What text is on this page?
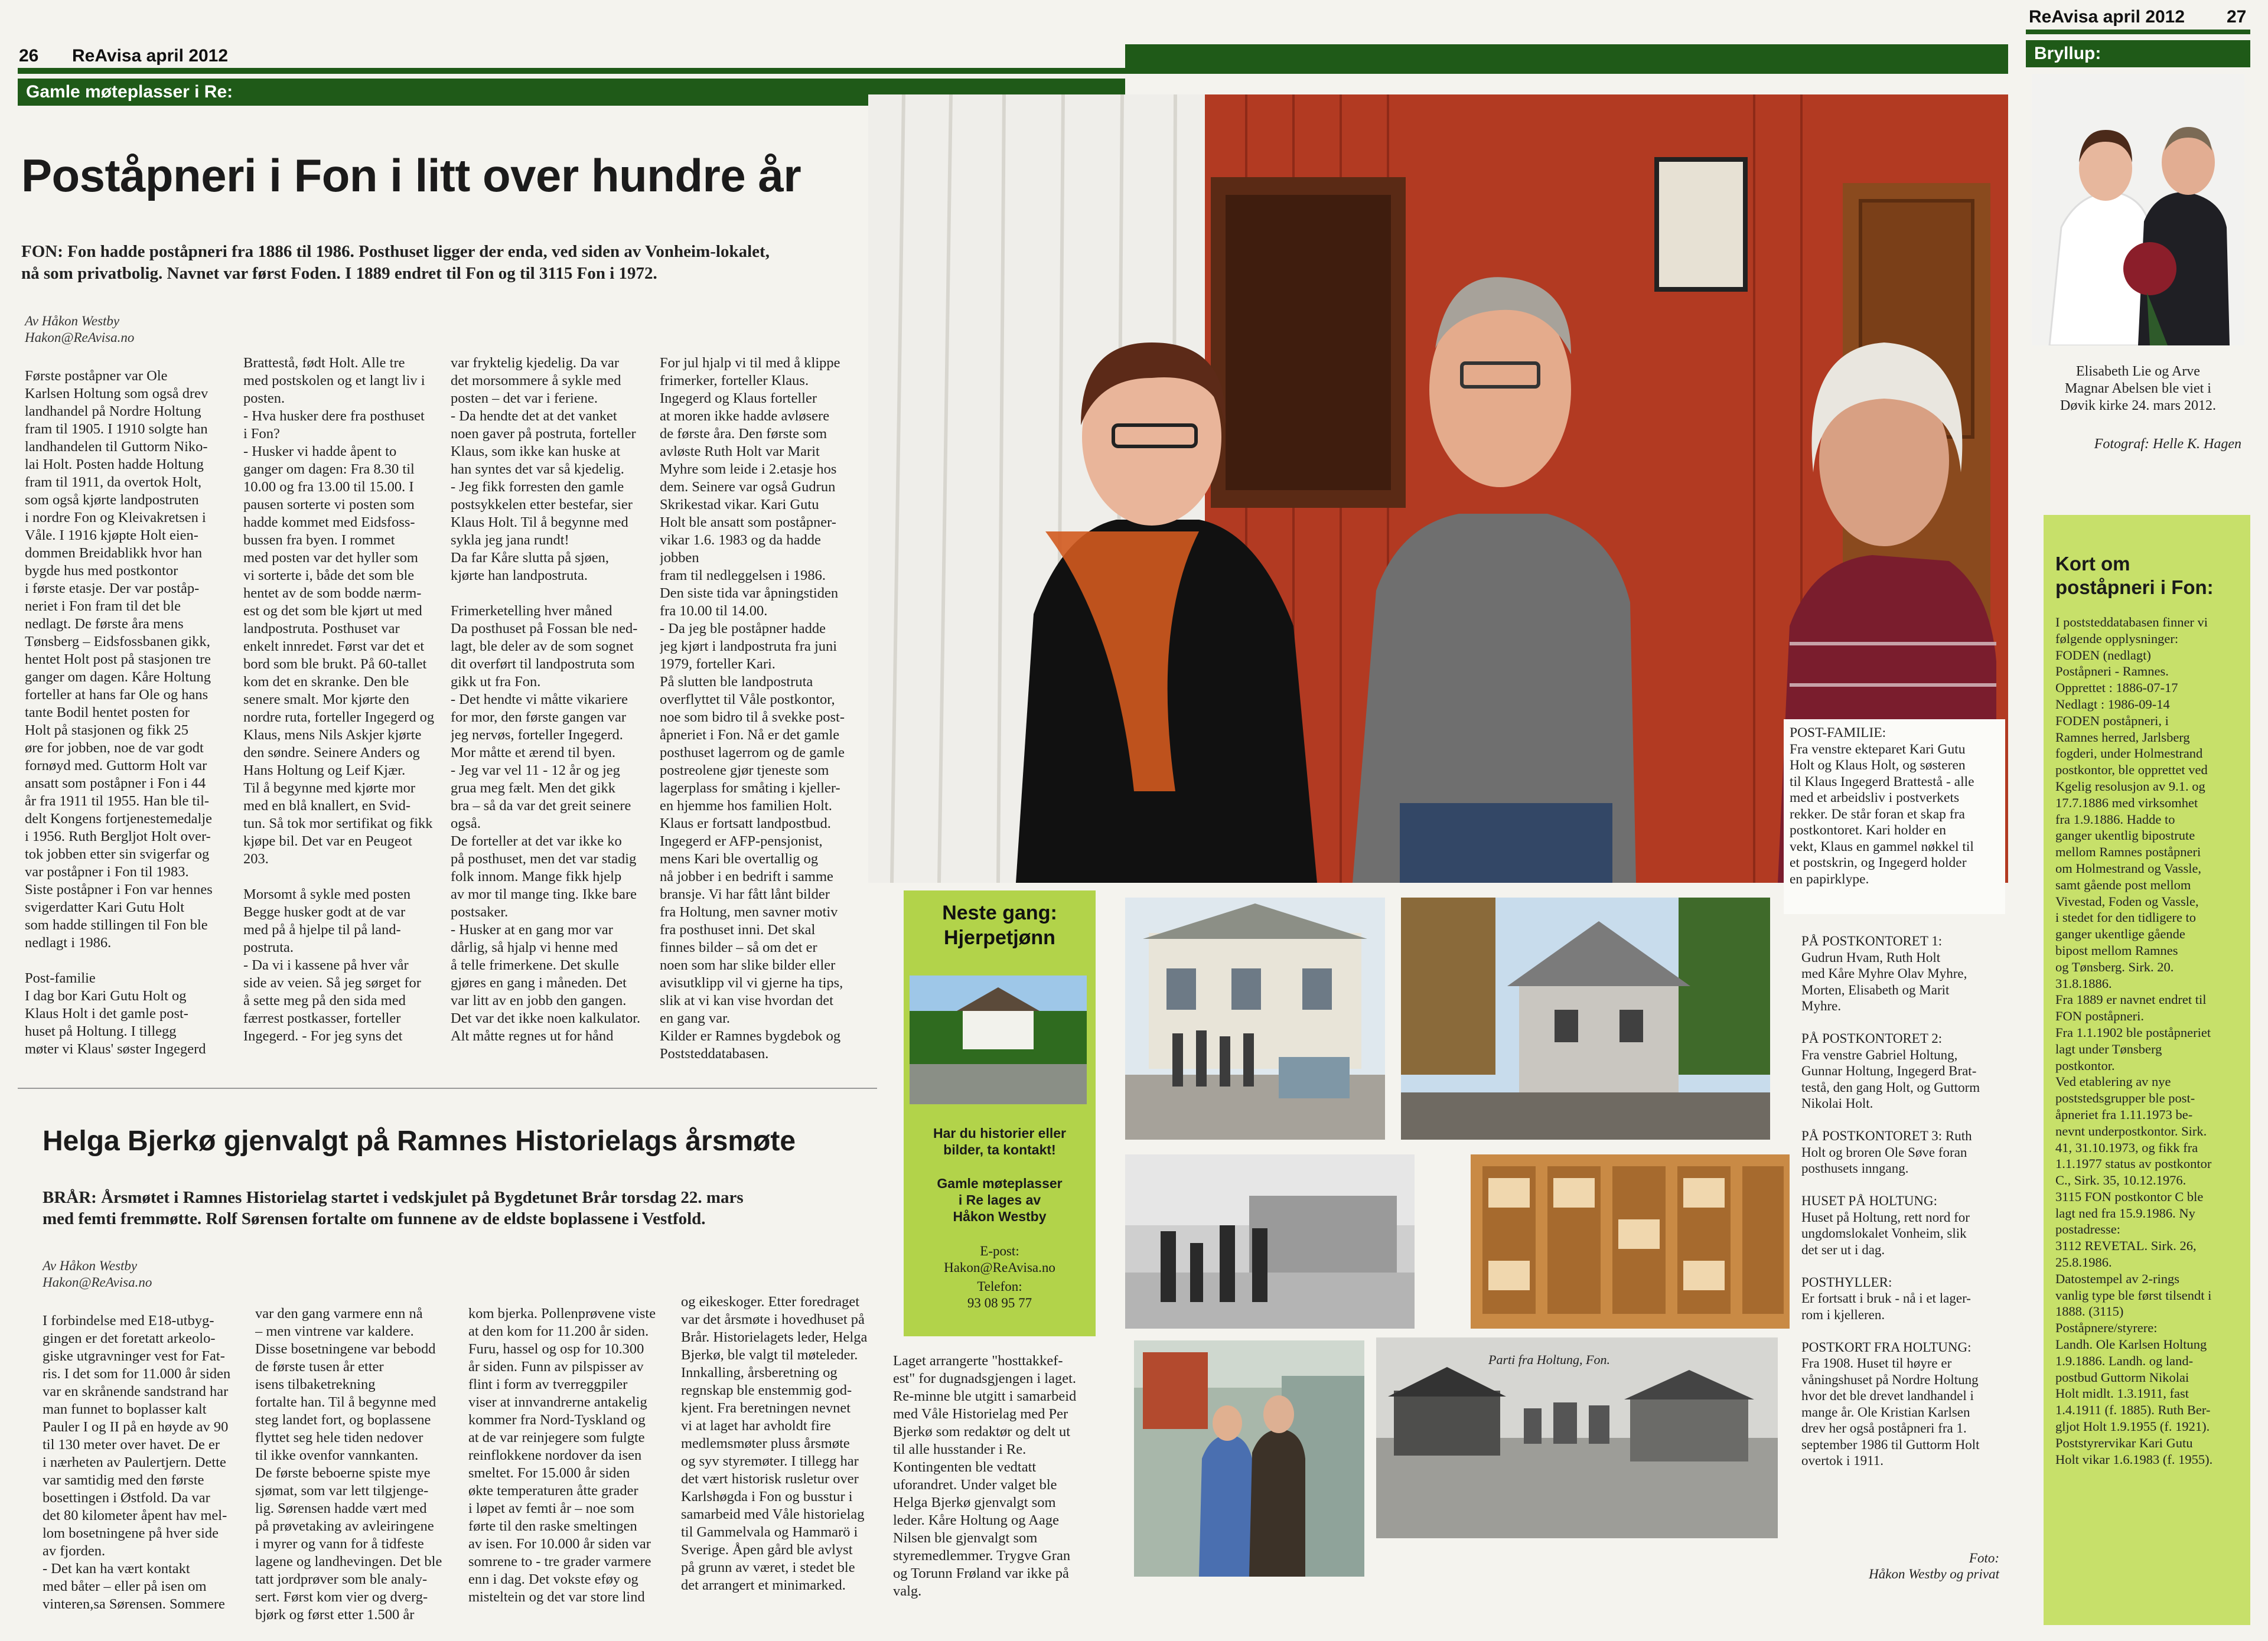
26 ReAvisa april 2012
Gamle møteplasser i Re:
Poståpneri i Fon i litt over hundre år
FON: Fon hadde poståpneri fra 1886 til 1986. Posthuset ligger der enda, ved siden av Vonheim-lokalet,
nå som privatbolig. Navnet var først Foden. I 1889 endret til Fon og til 3115 Fon i 1972.
Av Håkon Westby
Hakon@ReAvisa.no
Første poståpner var Ole
Karlsen Holtung som også drev
landhandel på Nordre Holtung
fram til 1905. I 1910 solgte han
landhandelen til Guttorm Niko-
lai Holt. Posten hadde Holtung
fram til 1911, da overtok Holt,
som også kjørte landpostruten
i nordre Fon og Kleivakretsen i
Våle. I 1916 kjøpte Holt eien-
dommen Breidablikk hvor han
bygde hus med postkontor
i første etasje. Der var poståp-
neriet i Fon fram til det ble
nedlagt. De første åra mens
Tønsberg – Eidsfossbanen gikk,
hentet Holt post på stasjonen tre
ganger om dagen. Kåre Holtung
forteller at hans far Ole og hans
tante Bodil hentet posten for
Holt på stasjonen og fikk 25
øre for jobben, noe de var godt
fornøyd med. Guttorm Holt var
ansatt som poståpner i Fon i 44
år fra 1911 til 1955. Han ble til-
delt Kongens fortjenestemedalje
i 1956. Ruth Bergljot Holt over-
tok jobben etter sin svigerfar og
var poståpner i Fon til 1983.
Siste poståpner i Fon var hennes
svigerdatter Kari Gutu Holt
som hadde stillingen til Fon ble
nedlagt i 1986.

Post-familie
I dag bor Kari Gutu Holt og
Klaus Holt i det gamle post-
huset på Holtung. I tillegg
møter vi Klaus' søster Ingegerd
Brattestå, født Holt. Alle tre
med postskolen og et langt liv i
posten.
- Hva husker dere fra posthuset
i Fon?
- Husker vi hadde åpent to
ganger om dagen: Fra 8.30 til
10.00 og fra 13.00 til 15.00. I
pausen sorterte vi posten som
hadde kommet med Eidsfoss-
bussen fra byen. I rommet
med posten var det hyller som
vi sorterte i, både det som ble
hentet av de som bodde nærm-
est og det som ble kjørt ut med
landpostruta. Posthuset var
enkelt innredet. Først var det et
bord som ble brukt. På 60-tallet
kom det en skranke. Den ble
senere smalt. Mor kjørte den
nordre ruta, forteller Ingegerd og
Klaus, mens Nils Askjer kjørte
den søndre. Seinere Anders og
Hans Holtung og Leif Kjær.
Til å begynne med kjørte mor
med en blå knallert, en Svid-
tun. Så tok mor sertifikat og fikk
kjøpe bil. Det var en Peugeot
203.

Morsomt å sykle med posten
Begge husker godt at de var
med på å hjelpe til på land-
postruta.
- Da vi i kassene på hver vår
side av veien. Så jeg sørget for
å sette meg på den sida med
færrest postkasser, forteller
Ingegerd. - For jeg syns det
var fryktelig kjedelig. Da var
det morsommere å sykle med
posten – det var i feriene.
- Da hendte det at det vanket
noen gaver på postruta, forteller
Klaus, som ikke kan huske at
han syntes det var så kjedelig.
- Jeg fikk forresten den gamle
postsykkelen etter bestefar, sier
Klaus Holt. Til å begynne med
sykla jeg jana rundt!
Da far Kåre slutta på sjøen,
kjørte han landpostruta.

Frimerketelling hver måned
Da posthuset på Fossan ble ned-
lagt, ble deler av de som sognet
dit overført til landpostruta som
gikk ut fra Fon.
- Det hendte vi måtte vikariere
for mor, den første gangen var
jeg nervøs, forteller Ingegerd.
Mor måtte et ærend til byen.
- Jeg var vel 11 - 12 år og jeg
grua meg fælt. Men det gikk
bra – så da var det greit seinere
også.
De forteller at det var ikke ko
på posthuset, men det var stadig
folk innom. Mange fikk hjelp
av mor til mange ting. Ikke bare
postsaker.
- Husker at en gang mor var
dårlig, så hjalp vi henne med
å telle frimerkene. Det skulle
gjøres en gang i måneden. Det
var litt av en jobb den gangen.
Det var det ikke noen kalkulator.
Alt måtte regnes ut for hånd
For jul hjalp vi til med å klippe
frimerker, forteller Klaus.
Ingegerd og Klaus forteller
at moren ikke hadde avløsere
de første åra. Den første som
avløste Ruth Holt var Marit
Myhre som leide i 2.etasje hos
dem. Seinere var også Gudrun
Skrikestad vikar. Kari Gutu
Holt ble ansatt som poståpner-
vikar 1.6. 1983 og da hadde jobben
fram til nedleggelsen i 1986.
Den siste tida var åpningstiden
fra 10.00 til 14.00.
- Da jeg ble poståpner hadde
jeg kjørt i landpostruta fra juni
1979, forteller Kari.
På slutten ble landpostruta
overflyttet til Våle postkontor,
noe som bidro til å svekke post-
åpneriet i Fon. Nå er det gamle
posthuset lagerrom og de gamle
postreolene gjør tjeneste som
lagerplass for småting i kjeller-
en hjemme hos familien Holt.
Klaus er fortsatt landpostbud.
Ingegerd er AFP-pensjonist,
mens Kari ble overtallig og
nå jobber i en bedrift i samme
bransje. Vi har fått lånt bilder
fra Holtung, men savner motiv
fra posthuset inni. Det skal
finnes bilder – så om det er
noen som har slike bilder eller
avisutklipp vil vi gjerne ha tips,
slik at vi kan vise hvordan det
en gang var.
Kilder er Ramnes bygdebok og
Poststeddatabasen.
Helga Bjerkø gjenvalgt på Ramnes Historielags årsmøte
BRÅR: Årsmøtet i Ramnes Historielag startet i vedskjulet på Bygdetunet Brår torsdag 22. mars
med femti fremmøtte. Rolf Sørensen fortalte om funnene av de eldste boplassene i Vestfold.
Av Håkon Westby
Hakon@ReAvisa.no
I forbindelse med E18-utbyg-
gingen er det foretatt arkeolo-
giske utgravninger vest for Fat-
ris. I det som for 11.000 år siden
var en skrånende sandstrand har
man funnet to boplasser kalt
Pauler I og II på en høyde av 90
til 130 meter over havet. De er
i nærheten av Paulertjern. Dette
var samtidig med den første
bosettingen i Østfold. Da var
det 80 kilometer åpent hav mel-
lom bosetningene på hver side
av fjorden.
- Det kan ha vært kontakt
med båter – eller på isen om
vinteren,sa Sørensen. Sommere
var den gang varmere enn nå
– men vintrene var kaldere.
Disse bosetningene var bebodd
de første tusen år etter
isens tilbaketrekning
fortalte han. Til å begynne med
steg landet fort, og boplassene
flyttet seg hele tiden nedover
til ikke ovenfor vannkanten.
De første beboerne spiste mye
sjømat, som var lett tilgjenge-
lig. Sørensen hadde vært med
på prøvetaking av avleiringene
i myrer og vann for å tidfeste
lagene og landhevingen. Det ble
tatt jordprøver som ble analy-
sert. Først kom vier og dverg-
bjørk og først etter 1.500 år
kom bjerka. Pollenprøvene viste
at den kom for 11.200 år siden.
Furu, hassel og osp for 10.300
år siden. Funn av pilspisser av
flint i form av tverreggpiler
viser at innvandrerne antakelig
kommer fra Nord-Tyskland og
at de var reinjegere som fulgte
reinflokkene nordover da isen
smeltet. For 15.000 år siden
økte temperaturen åtte grader
i løpet av femti år – noe som
førte til den raske smeltingen
av isen. For 10.000 år siden var
somrene to - tre grader varmere
enn i dag. Det vokste eføy og
misteltein og det var store lind
og eikeskoger. Etter foredraget
var det årsmøte i hovedhuset på
Brår. Historielagets leder, Helga
Bjerkø, ble valgt til møteleder.
Innkalling, årsberetning og
regnskap ble enstemmig god-
kjent. Fra beretningen nevnet
vi at laget har avholdt fire
medlemsmøter pluss årsmøte
og syv styremøter. I tillegg har
det vært historisk rusletur over
Karlshøgda i Fon og busstur i
samarbeid med Våle historielag
til Gammelvala og Hammarö i
Sverige. Åpen gård ble avlyst
på grunn av været, i stedet ble
det arrangert et minimarked.
POST-FAMILIE:
Fra venstre ekteparet Kari Gutu
Holt og Klaus Holt, og søsteren
til Klaus Ingegerd Brattestå - alle
med et arbeidsliv i postverkets
rekker. De står foran et skap fra
postkontoret. Kari holder en
vekt, Klaus en gammel nøkkel til
et postskrin, og Ingegerd holder
en papirklype.
Neste gang:
Hjerpetjønn
Har du historier eller
bilder, ta kontakt!
Gamle møteplasser
i Re lages av
Håkon Westby
E-post:
Hakon@ReAvisa.no
Telefon:
93 08 95 77
Laget arrangerte "hosttakkef-
est" for dugnadsgjengen i laget.
Re-minne ble utgitt i samarbeid
med Våle Historielag med Per
Bjerkø som redaktør og delt ut
til alle husstander i Re.
Kontingenten ble vedtatt
uforandret. Under valget ble
Helga Bjerkø gjenvalgt som
leder. Kåre Holtung og Aage
Nilsen ble gjenvalgt som
styremedlemmer. Trygve Gran
og Torunn Frøland var ikke på
valg.
Parti fra Holtung, Fon.
PÅ POSTKONTORET 1:
Gudrun Hvam, Ruth Holt
med Kåre Myhre Olav Myhre,
Morten, Elisabeth og Marit
Myhre.

PÅ POSTKONTORET 2:
Fra venstre Gabriel Holtung,
Gunnar Holtung, Ingegerd Brat-
testå, den gang Holt, og Guttorm
Nikolai Holt.

PÅ POSTKONTORET 3: Ruth
Holt og broren Ole Søve foran
posthusets inngang.

HUSET PÅ HOLTUNG:
Huset på Holtung, rett nord for
ungdomslokalet Vonheim, slik
det ser ut i dag.

POSTHYLLER:
Er fortsatt i bruk - nå i et lager-
rom i kjelleren.

POSTKORT FRA HOLTUNG:
Fra 1908. Huset til høyre er
våningshuset på Nordre Holtung
hvor det ble drevet landhandel i
mange år. Ole Kristian Karlsen
drev her også poståpneri fra 1.
september 1986 til Guttorm Holt
overtok i 1911.
Foto:
Håkon Westby og privat
ReAvisa april 2012 27
Bryllup:
Elisabeth Lie og Arve
Magnar Abelsen ble viet i
Døvik kirke 24. mars 2012.
Fotograf: Helle K. Hagen
Kort om
poståpneri i Fon:
I poststeddatabasen finner vi
følgende opplysninger:
FODEN (nedlagt)
Poståpneri - Ramnes.
Opprettet : 1886-07-17
Nedlagt : 1986-09-14
FODEN poståpneri, i
Ramnes herred, Jarlsberg
fogderi, under Holmestrand
postkontor, ble opprettet ved
Kgelig resolusjon av 9.1. og
17.7.1886 med virksomhet
fra 1.9.1886. Hadde to
ganger ukentlig bipostrute
mellom Ramnes poståpneri
om Holmestrand og Vassle,
samt gående post mellom
Vivestad, Foden og Vassle,
i stedet for den tidligere to
ganger ukentlige gående
bipost mellom Ramnes
og Tønsberg. Sirk. 20.
31.8.1886.
Fra 1889 er navnet endret til
FON poståpneri.
Fra 1.1.1902 ble poståpneriet
lagt under Tønsberg
postkontor.
Ved etablering av nye
poststedsgrupper ble post-
åpneriet fra 1.11.1973 be-
nevnt underpostkontor. Sirk.
41, 31.10.1973, og fikk fra
1.1.1977 status av postkontor
C., Sirk. 35, 10.12.1976.
3115 FON postkontor C ble
lagt ned fra 15.9.1986. Ny
postadresse:
3112 REVETAL. Sirk. 26,
25.8.1986.
Datostempel av 2-rings
vanlig type ble først tilsendt i
1888. (3115)
Poståpnere/styrere:
Landh. Ole Karlsen Holtung
1.9.1886. Landh. og land-
postbud Guttorm Nikolai
Holt midlt. 1.3.1911, fast
1.4.1911 (f. 1885). Ruth Ber-
gljot Holt 1.9.1955 (f. 1921).
Poststyrervikar Kari Gutu
Holt vikar 1.6.1983 (f. 1955).
